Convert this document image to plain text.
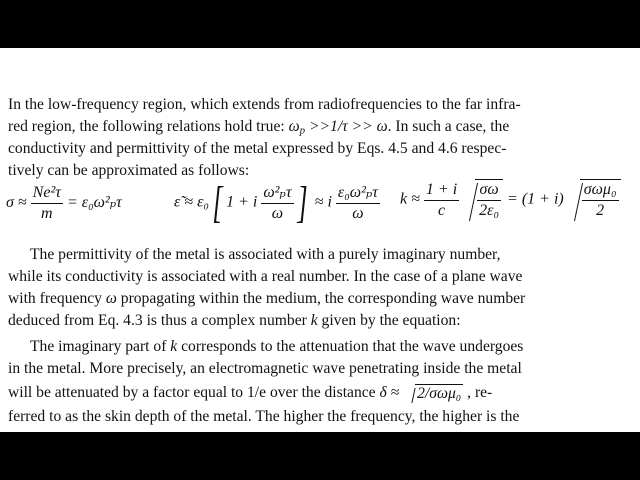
In the low-frequency region, which extends from radiofrequencies to the far infra-
red region, the following relations hold true: $\omega_p >>1/\tau >> \omega$. In such a case, the
conductivity and permittivity of the metal expressed by Eqs. 4.5 and 4.6 respec-
tively can be approximated as follows:
$\sigma \approx \frac{\text{Ne²τ}}{m} = \varepsilon_0\omega^2_p\tau$	ε̃ ≈ ε₀[ 1 + i $\frac{\text{ω²ₚτ}}{\omega}$ ] ≈ i $\frac{\text{ε₀ω²ₚτ}}{\omega}$ $k \approx \frac{1 + i}{c}$
$\frac{\sigma\omega}{\text{2ε₀}} = (1 + i) \frac{\text{σωμ₀}}{2}$
The permittivity of the metal is associated with a purely imaginary number,
while its conductivity is associated with a real number. In the case of a plane wave
with frequency ω propagating within the medium, the corresponding wave number
deduced from Eq. 4.3 is thus a complex number k given by the equation:
The imaginary part of k corresponds to the attenuation that the wave undergoes
in the metal. More precisely, an electromagnetic wave penetrating inside the metal
will be attenuated by a factor equal to 1/e over the distance δ ≈ 2/σωμ₀ , re-
ferred to as the skin depth of the metal. The higher the frequency, the higher is the
